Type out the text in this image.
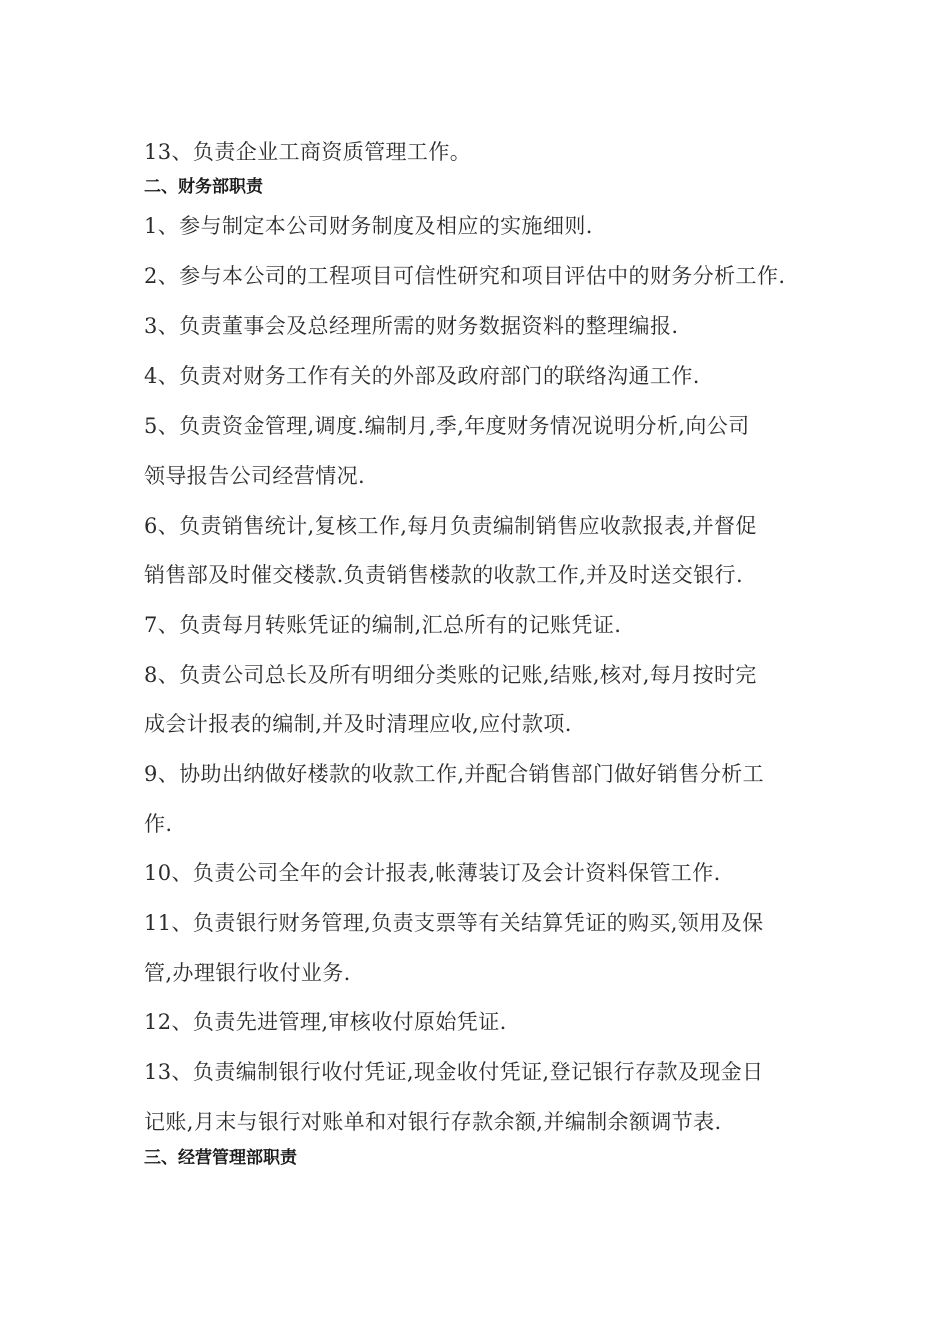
13、负责企业工商资质管理工作。
二、财务部职责
1、参与制定本公司财务制度及相应的实施细则.
2、参与本公司的工程项目可信性研究和项目评估中的财务分析工作.
3、负责董事会及总经理所需的财务数据资料的整理编报.
4、负责对财务工作有关的外部及政府部门的联络沟通工作.
5、负责资金管理,调度.编制月,季,年度财务情况说明分析,向公司
领导报告公司经营情况.
6、负责销售统计,复核工作,每月负责编制销售应收款报表,并督促
销售部及时催交楼款.负责销售楼款的收款工作,并及时送交银行.
7、负责每月转账凭证的编制,汇总所有的记账凭证.
8、负责公司总长及所有明细分类账的记账,结账,核对,每月按时完
成会计报表的编制,并及时清理应收,应付款项.
9、协助出纳做好楼款的收款工作,并配合销售部门做好销售分析工
作.
10、负责公司全年的会计报表,帐薄装订及会计资料保管工作.
11、负责银行财务管理,负责支票等有关结算凭证的购买,领用及保
管,办理银行收付业务.
12、负责先进管理,审核收付原始凭证.
13、负责编制银行收付凭证,现金收付凭证,登记银行存款及现金日
记账,月末与银行对账单和对银行存款余额,并编制余额调节表.
三、经营管理部职责
